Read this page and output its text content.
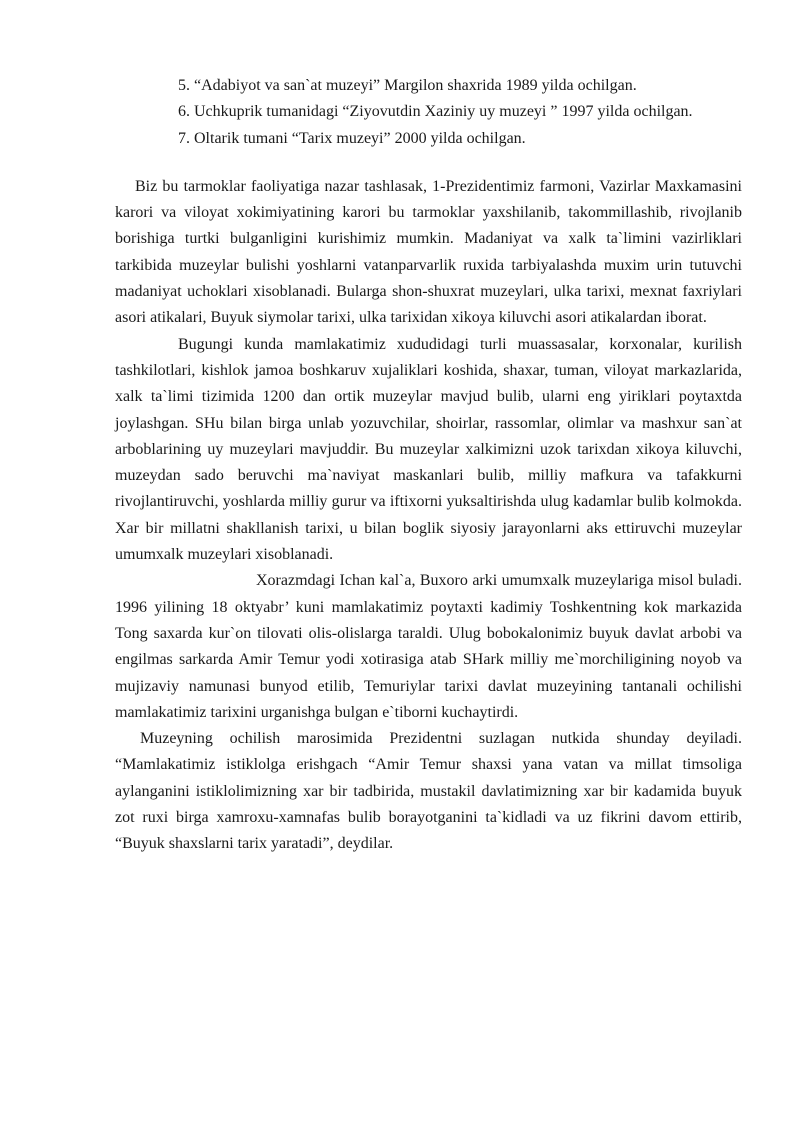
5. “Adabiyot va san`at muzeyi” Margilon shaxrida 1989 yilda ochilgan.

6. Uchkuprik tumanidagi “Ziyovutdin Xaziniy uy muzeyi ” 1997 yilda ochilgan.

7. Oltarik tumani “Tarix muzeyi” 2000 yilda ochilgan.

Biz bu tarmoklar faoliyatiga nazar tashlasak, 1-Prezidentimiz farmoni, Vazirlar Maxkamasini karori va viloyat xokimiyatining karori bu tarmoklar yaxshilanib, takommillashib, rivojlanib borishiga turtki bulganligini kurishimiz mumkin. Madaniyat va xalk ta`limini vazirliklari tarkibida muzeylar bulishi yoshlarni vatanparvarlik ruxida tarbiyalashda muxim urin tutuvchi madaniyat uchoklari xisoblanadi. Bularga shon-shuxrat muzeylari, ulka tarixi, mexnat faxriylari asori atikalari, Buyuk siymolar tarixi, ulka tarixidan xikoya kiluvchi asori atikalardan iborat.

Bugungi kunda mamlakatimiz xududidagi turli muassasalar, korxonalar, kurilish tashkilotlari, kishlok jamoa boshkaruv xujaliklari koshida, shaxar, tuman, viloyat markazlarida, xalk ta`limi tizimida 1200 dan ortik muzeylar mavjud bulib, ularni eng yiriklari poytaxtda joylashgan. SHu bilan birga unlab yozuvchilar, shoirlar, rassomlar, olimlar va mashxur san`at arboblarining uy muzeylari mavjuddir. Bu muzeylar xalkimizni uzok tarixdan xikoya kiluvchi, muzeydan sado beruvchi ma`naviyat maskanlari bulib, milliy mafkura va tafakkurni rivojlantiruvchi, yoshlarda milliy gurur va iftixorni yuksaltirishda ulug kadamlar bulib kolmokda. Xar bir millatni shakllanish tarixi, u bilan boglik siyosiy jarayonlarni aks ettiruvchi muzeylar umumxalk muzeylari xisoblanadi.

Xorazmdagi Ichan kal`a, Buxoro arki umumxalk muzeylariga misol buladi. 1996 yilining 18 oktyabr’ kuni mamlakatimiz poytaxti kadimiy Toshkentning kok markazida Tong saxarda kur`on tilovati olis-olislarga taraldi. Ulug bobokalonimiz buyuk davlat arbobi va engilmas sarkarda Amir Temur yodi xotirasiga atab SHark milliy me`morchiligining noyob va mujizaviy namunasi bunyod etilib, Temuriylar tarixi davlat muzeyining tantanali ochilishi mamlakatimiz tarixini urganishga bulgan e`tiborni kuchaytirdi.

Muzeyning ochilish marosimida Prezidentni suzlagan nutkida shunday deyiladi. “Mamlakatimiz istiklolga erishgach “Amir Temur shaxsi yana vatan va millat timsoliga aylanganini istiklolimizning xar bir tadbirida, mustakil davlatimizning xar bir kadamida buyuk zot ruxi birga xamroxu-xamnafas bulib borayotganini ta`kidladi va uz fikrini davom ettirib, “Buyuk shaxslarni tarix yaratadi”, deydilar.
